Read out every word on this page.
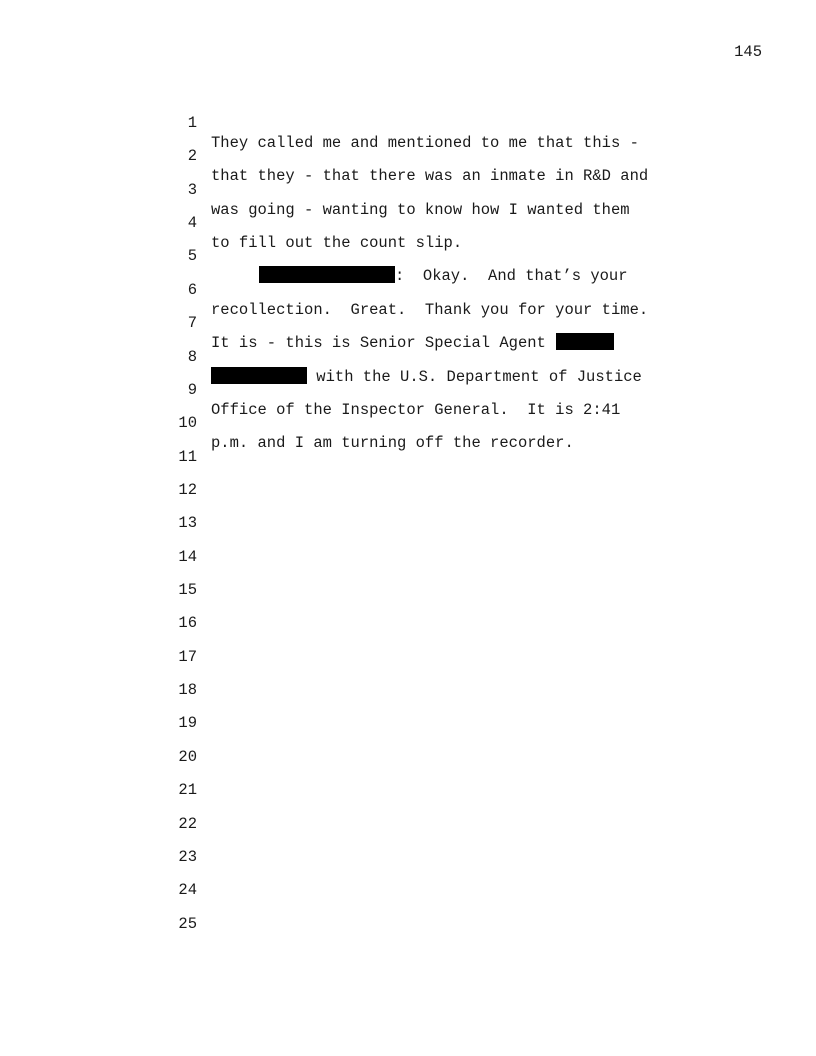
145

1

They called me and mentioned to me that this -

2

that they - that there was an inmate in R&D and

3

was going - wanting to know how I wanted them

4

to fill out the count slip.

5

:  Okay.  And that’s your

6

recollection.  Great.  Thank you for your time.

7

It is - this is Senior Special Agent

8

with the U.S. Department of Justice

9

Office of the Inspector General.  It is 2:41

10

p.m. and I am turning off the recorder.

11

12

13

14

15

16

17

18

19

20

21

22

23

24

25
